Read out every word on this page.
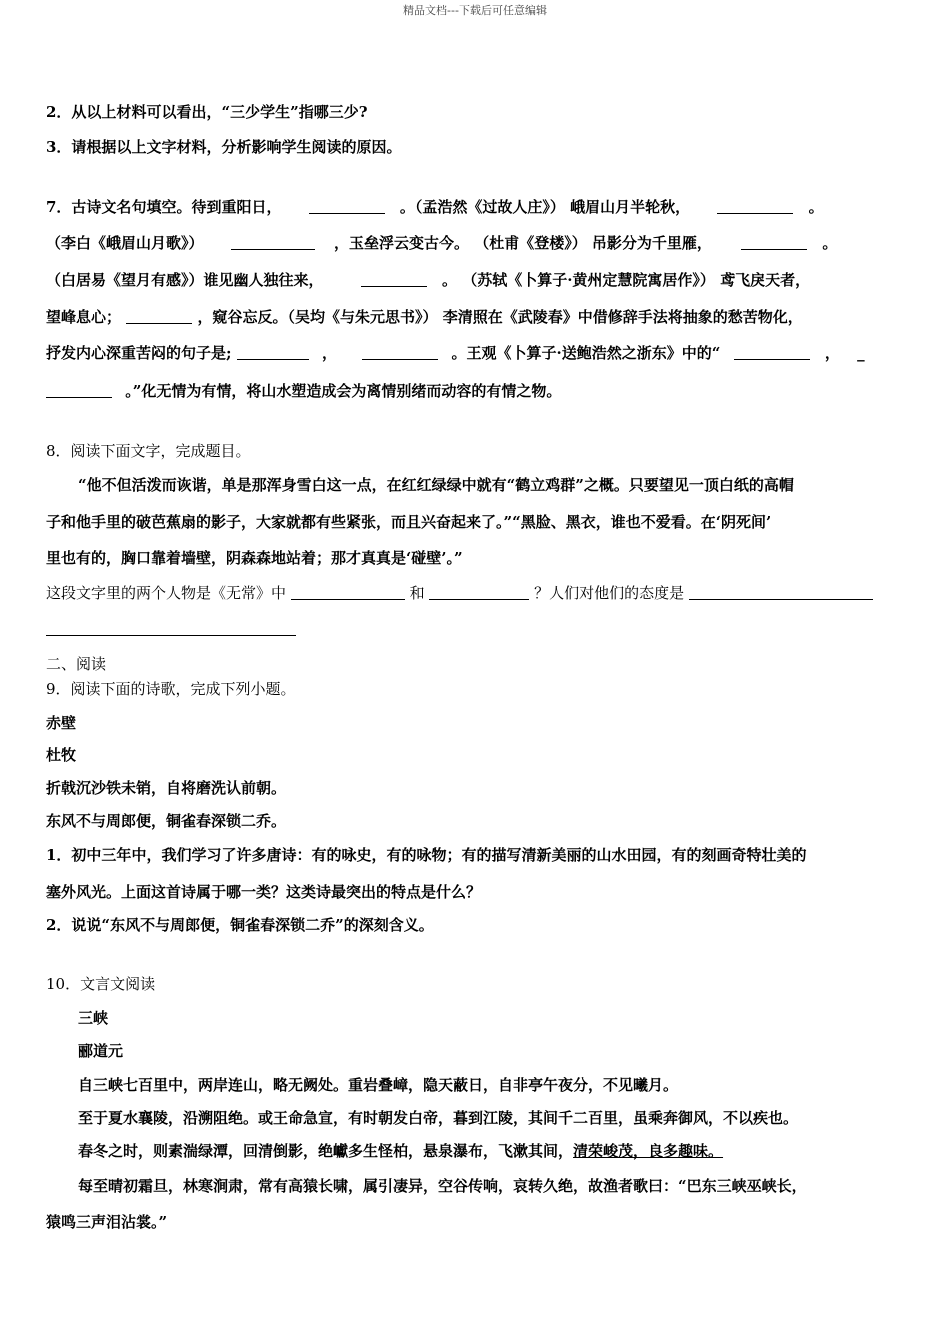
精品文档---下载后可任意编辑
2．从以上材料可以看出，“三少学生”指哪三少?
3．请根据以上文字材料，分析影响学生阅读的原因。
7．古诗文名句填空。待到重阳日，	。（孟浩然《过故人庄》） 峨眉山月半轮秋，	。
（李白《峨眉山月歌》）	，玉垒浮云变古今。 （杜甫《登楼》） 吊影分为千里雁，	。
（白居易《望月有感》）谁见幽人独往来，	。 （苏轼《卜算子·黄州定慧院寓居作》） 鸢飞戾天者，
望峰息心；	，窥谷忘反。（吴均《与朱元思书》） 李清照在《武陵春》中借修辞手法将抽象的愁苦物化，
抒发内心深重苦闷的句子是;	，	。王观《卜算子·送鲍浩然之浙东》中的“	， _
。”化无情为有情，将山水塑造成会为离情别绪而动容的有情之物。
8．阅读下面文字，完成题目。
“他不但活泼而诙谐，单是那浑身雪白这一点，在红红绿绿中就有“鹤立鸡群”之概。只要望见一顶白纸的高帽
子和他手里的破芭蕉扇的影子，大家就都有些紧张，而且兴奋起来了。”“黑脸、黑衣，谁也不爱看。在‘阴死间’
里也有的，胸口靠着墙壁，阴森森地站着；那才真真是‘碰壁’。”
这段文字里的两个人物是《无常》中	和	？人们对他们的态度是
二、阅读
9．阅读下面的诗歌，完成下列小题。
赤壁
杜牧
折戟沉沙铁未销，自将磨洗认前朝。
东风不与周郎便，铜雀春深锁二乔。
1．初中三年中，我们学习了许多唐诗：有的咏史，有的咏物；有的描写清新美丽的山水田园，有的刻画奇特壮美的
塞外风光。上面这首诗属于哪一类？这类诗最突出的特点是什么？
2．说说“东风不与周郎便，铜雀春深锁二乔”的深刻含义。
10．文言文阅读
三峡
郦道元
自三峡七百里中，两岸连山，略无阙处。重岩叠嶂，隐天蔽日，自非亭午夜分，不见曦月。
至于夏水襄陵，沿溯阻绝。或王命急宣，有时朝发白帝，暮到江陵，其间千二百里，虽乘奔御风，不以疾也。
春冬之时，则素湍绿潭，回清倒影，绝巘多生怪柏，悬泉瀑布，飞漱其间，清荣峻茂，良多趣味。
每至晴初霜旦，林寒涧肃，常有高猿长啸，属引凄异，空谷传响，哀转久绝，故渔者歌曰：“巴东三峡巫峡长，
猿鸣三声泪沾裳。”
